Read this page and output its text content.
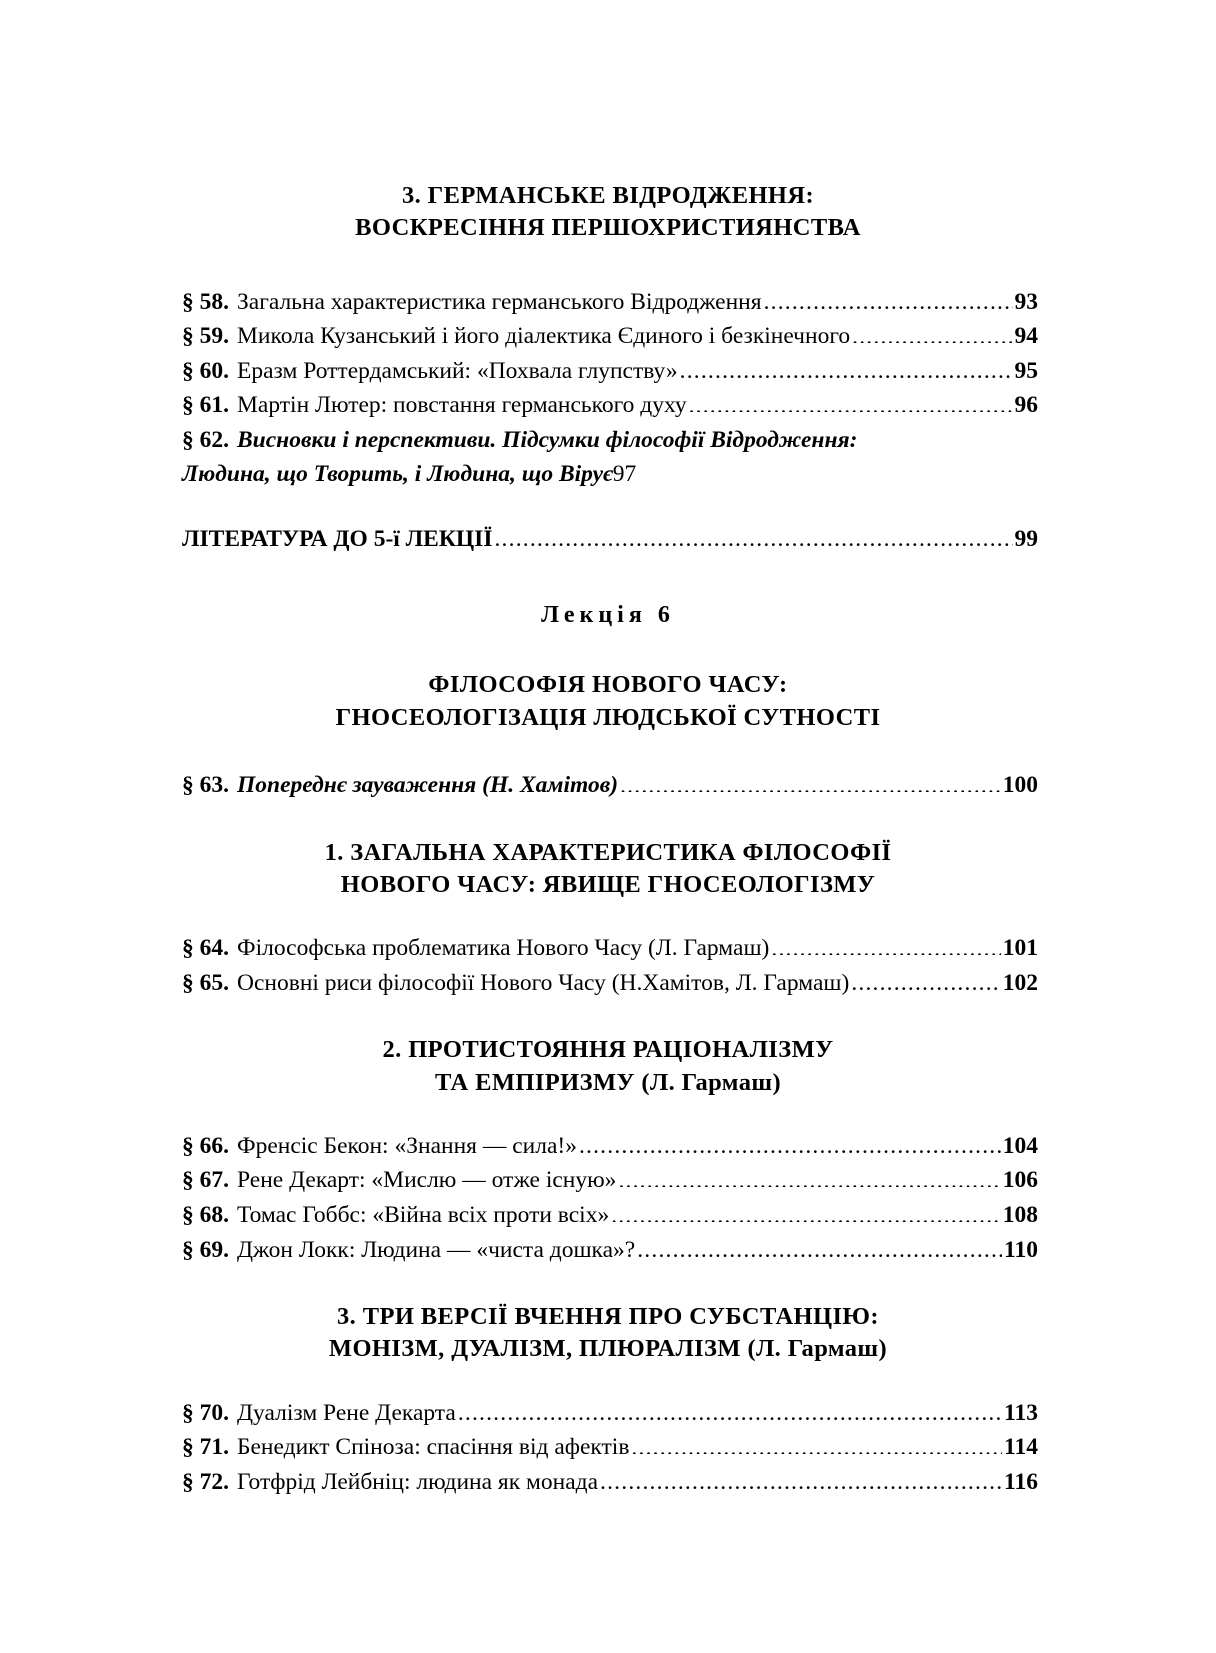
3. ГЕРМАНСЬКЕ ВІДРОДЖЕННЯ:
ВОСКРЕСІННЯ ПЕРШОХРИСТИЯНСТВА
§ 58. Загальна характеристика германського Відродження .....	93
§ 59. Микола Кузанський і його діалектика Єдиного і безкінечного .....	94
§ 60. Еразм Роттердамський: «Похвала глупству» .....	95
§ 61. Мартін Лютер: повстання германського духу .....	96
§ 62. Висновки і перспективи. Підсумки філософії Відродження:
Людина, що Творить, і Людина, що Вірує 97
ЛІТЕРАТУРА ДО 5-ї ЛЕКЦІЇ .....	99
Лекція 6
ФІЛОСОФІЯ НОВОГО ЧАСУ:
ГНОСЕОЛОГІЗАЦІЯ ЛЮДСЬКОЇ СУТНОСТІ
§ 63. Попереднє зауваження (Н. Хамітов) .....	100
1. ЗАГАЛЬНА ХАРАКТЕРИСТИКА ФІЛОСОФІЇ
НОВОГО ЧАСУ: ЯВИЩЕ ГНОСЕОЛОГІЗМУ
§ 64. Філософська проблематика Нового Часу (Л. Гармаш) .....	101
§ 65. Основні риси філософії Нового Часу (Н.Хамітов, Л. Гармаш) .....	102
2. ПРОТИСТОЯННЯ РАЦІОНАЛІЗМУ
ТА ЕМПІРИЗМУ (Л. Гармаш)
§ 66. Френсіс Бекон: «Знання — сила!» .....	104
§ 67. Рене Декарт: «Мислю — отже існую» .....	106
§ 68. Томас Гоббс: «Війна всіх проти всіх» .....	108
§ 69. Джон Локк: Людина — «чиста дошка»? .....	110
3. ТРИ ВЕРСІЇ ВЧЕННЯ ПРО СУБСТАНЦІЮ:
МОНІЗМ, ДУАЛІЗМ, ПЛЮРАЛІЗМ (Л. Гармаш)
§ 70. Дуалізм Рене Декарта .....	113
§ 71. Бенедикт Спіноза: спасіння від афектів .....	114
§ 72. Готфрід Лейбніц: людина як монада .....	116
